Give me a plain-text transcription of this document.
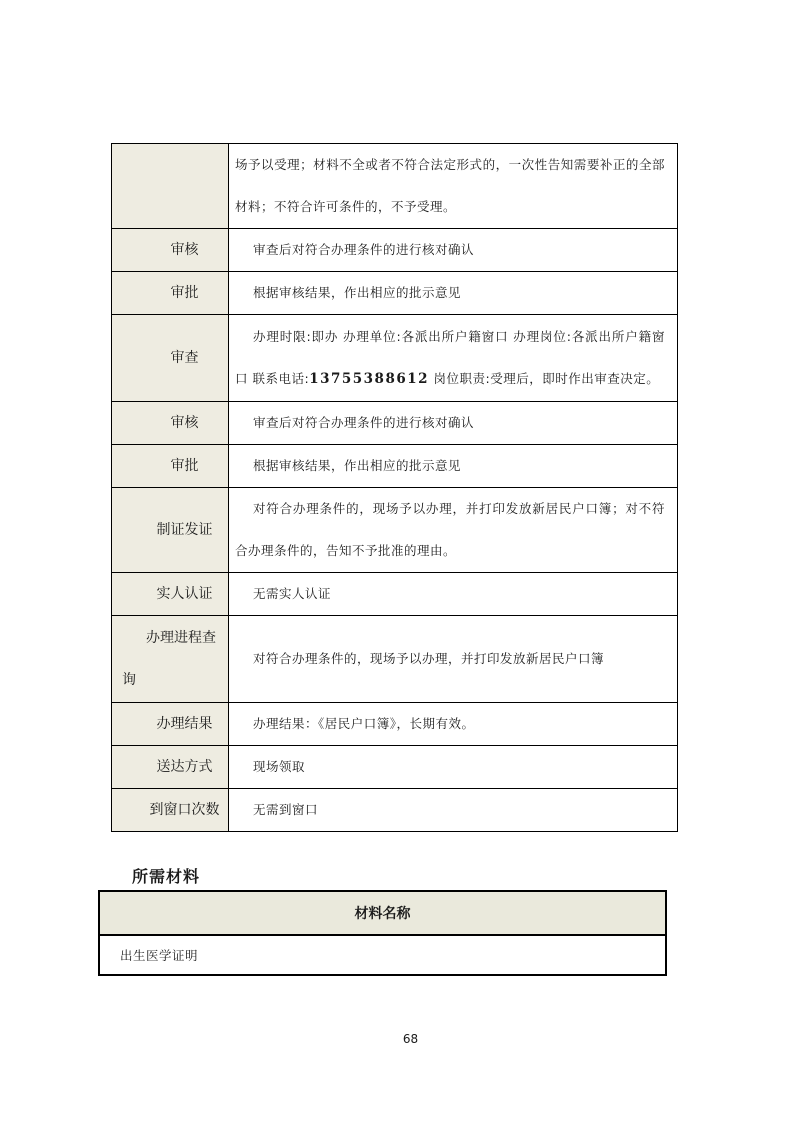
	场予以受理；材料不全或者不符合法定形式的，一次性告知需要补正的全部材料；不符合许可条件的，不予受理。

审核	审查后对符合办理条件的进行核对确认

审批	根据审核结果，作出相应的批示意见

审查	办理时限:即办 办理单位:各派出所户籍窗口 办理岗位:各派出所户籍窗口 联系电话:13755388612 岗位职责:受理后，即时作出审查决定。

审核	审查后对符合办理条件的进行核对确认

审批	根据审核结果，作出相应的批示意见

制证发证	对符合办理条件的，现场予以办理，并打印发放新居民户口簿；对不符合办理条件的，告知不予批准的理由。

实人认证	无需实人认证

办理进程查询	对符合办理条件的，现场予以办理，并打印发放新居民户口簿

办理结果	办理结果：《居民户口簿》，长期有效。

送达方式	现场领取

到窗口次数	无需到窗口
所需材料
材料名称
出生医学证明
68
